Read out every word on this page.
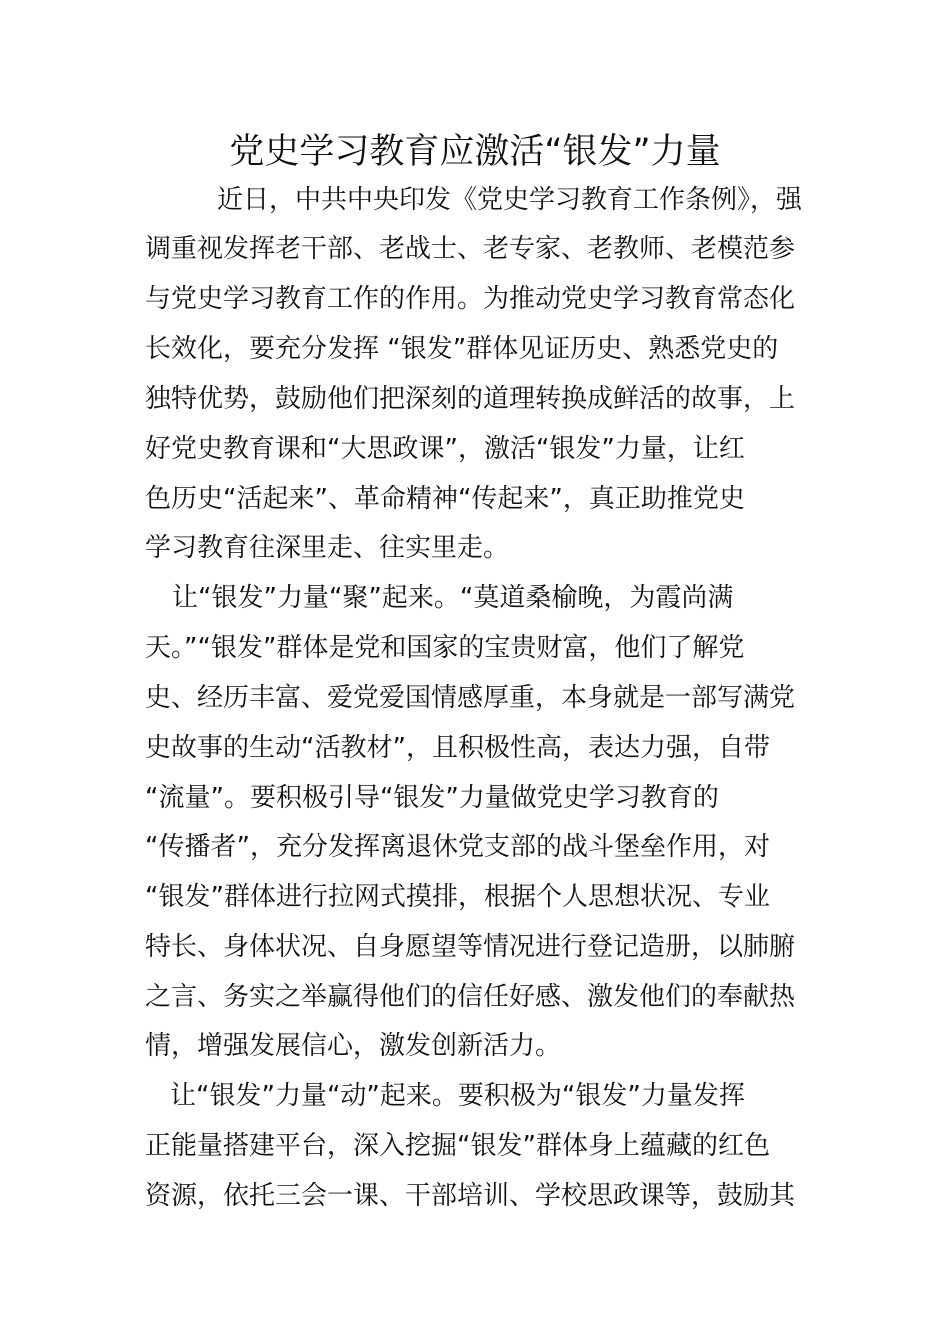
党史学习教育应激活“银发”力量
近日，中共中央印发《党史学习教育工作条例》，强
调重视发挥老干部、老战士、老专家、老教师、老模范参
与党史学习教育工作的作用。为推动党史学习教育常态化
长效化，要充分发挥 “银发”群体见证历史、熟悉党史的
独特优势，鼓励他们把深刻的道理转换成鲜活的故事，上
好党史教育课和“大思政课”，激活“银发”力量，让红
色历史“活起来”、革命精神“传起来”，真正助推党史
学习教育往深里走、往实里走。
让“银发”力量“聚”起来。“莫道桑榆晚，为霞尚满
天。”“银发”群体是党和国家的宝贵财富，他们了解党
史、经历丰富、爱党爱国情感厚重，本身就是一部写满党
史故事的生动“活教材”，且积极性高，表达力强，自带
“流量”。要积极引导“银发”力量做党史学习教育的
“传播者”，充分发挥离退休党支部的战斗堡垒作用，对
“银发”群体进行拉网式摸排，根据个人思想状况、专业
特长、身体状况、自身愿望等情况进行登记造册，以肺腑
之言、务实之举赢得他们的信任好感、激发他们的奉献热
情，增强发展信心，激发创新活力。
让“银发”力量“动”起来。要积极为“银发”力量发挥
正能量搭建平台，深入挖掘“银发”群体身上蕴藏的红色
资源，依托三会一课、干部培训、学校思政课等，鼓励其
